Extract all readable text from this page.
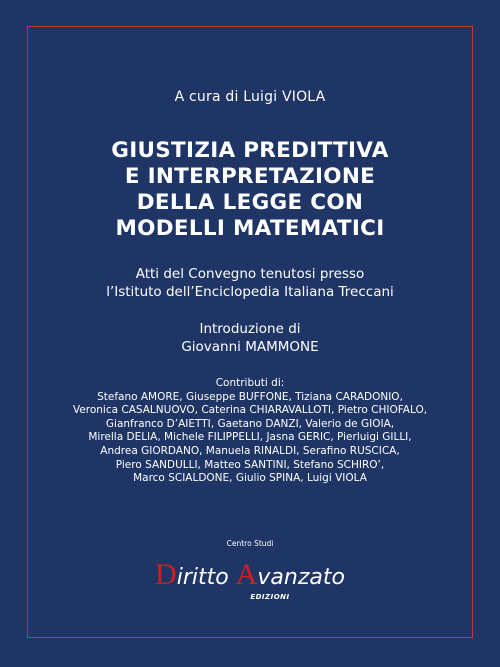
A cura di Luigi VIOLA
GIUSTIZIA PREDITTIVA
E INTERPRETAZIONE
DELLA LEGGE CON
MODELLI MATEMATICI
Atti del Convegno tenutosi presso
l’Istituto dell’Enciclopedia Italiana Treccani
Introduzione di
Giovanni MAMMONE
Contributi di:
Stefano AMORE, Giuseppe BUFFONE, Tiziana CARADONIO,
Veronica CASALNUOVO, Caterina CHIARAVALLOTI, Pietro CHIOFALO,
Gianfranco D’AIETTI, Gaetano DANZI, Valerio de GIOIA,
Mirella DELIA, Michele FILIPPELLI, Jasna GERIC, Pierluigi GILLI,
Andrea GIORDANO, Manuela RINALDI, Serafino RUSCICA,
Piero SANDULLI, Matteo SANTINI, Stefano SCHIRO’,
Marco SCIALDONE, Giulio SPINA, Luigi VIOLA
Centro Studi
Diritto Avanzato
EDIZIONI
